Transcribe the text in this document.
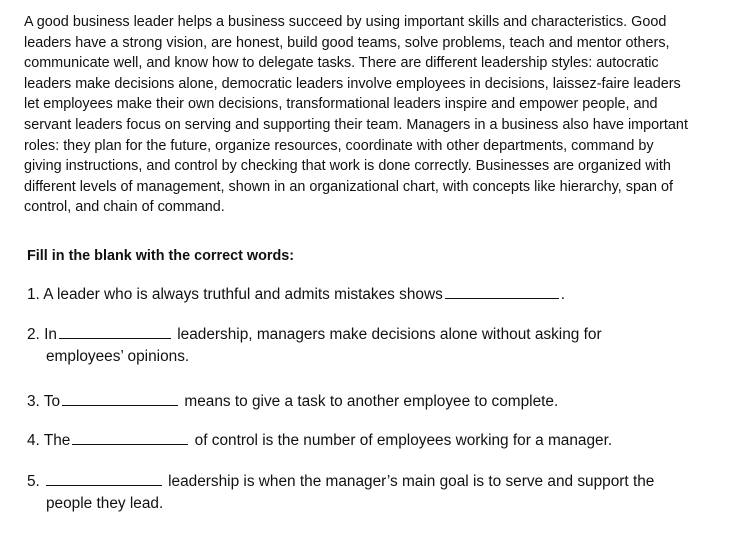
A good business leader helps a business succeed by using important skills and characteristics. Good
leaders have a strong vision, are honest, build good teams, solve problems, teach and mentor others,
communicate well, and know how to delegate tasks. There are different leadership styles: autocratic
leaders make decisions alone, democratic leaders involve employees in decisions, laissez-faire leaders
let employees make their own decisions, transformational leaders inspire and empower people, and
servant leaders focus on serving and supporting their team. Managers in a business also have important
roles: they plan for the future, organize resources, coordinate with other departments, command by
giving instructions, and control by checking that work is done correctly. Businesses are organized with
different levels of management, shown in an organizational chart, with concepts like hierarchy, span of
control, and chain of command.

Fill in the blank with the correct words:
1. A leader who is always truthful and admits mistakes shows	.
2. In	leadership, managers make decisions alone without asking for
employees’ opinions.
3. To	means to give a task to another employee to complete.
4. The	of control is the number of employees working for a manager.
5.	leadership is when the manager’s main goal is to serve and support the
people they lead.
